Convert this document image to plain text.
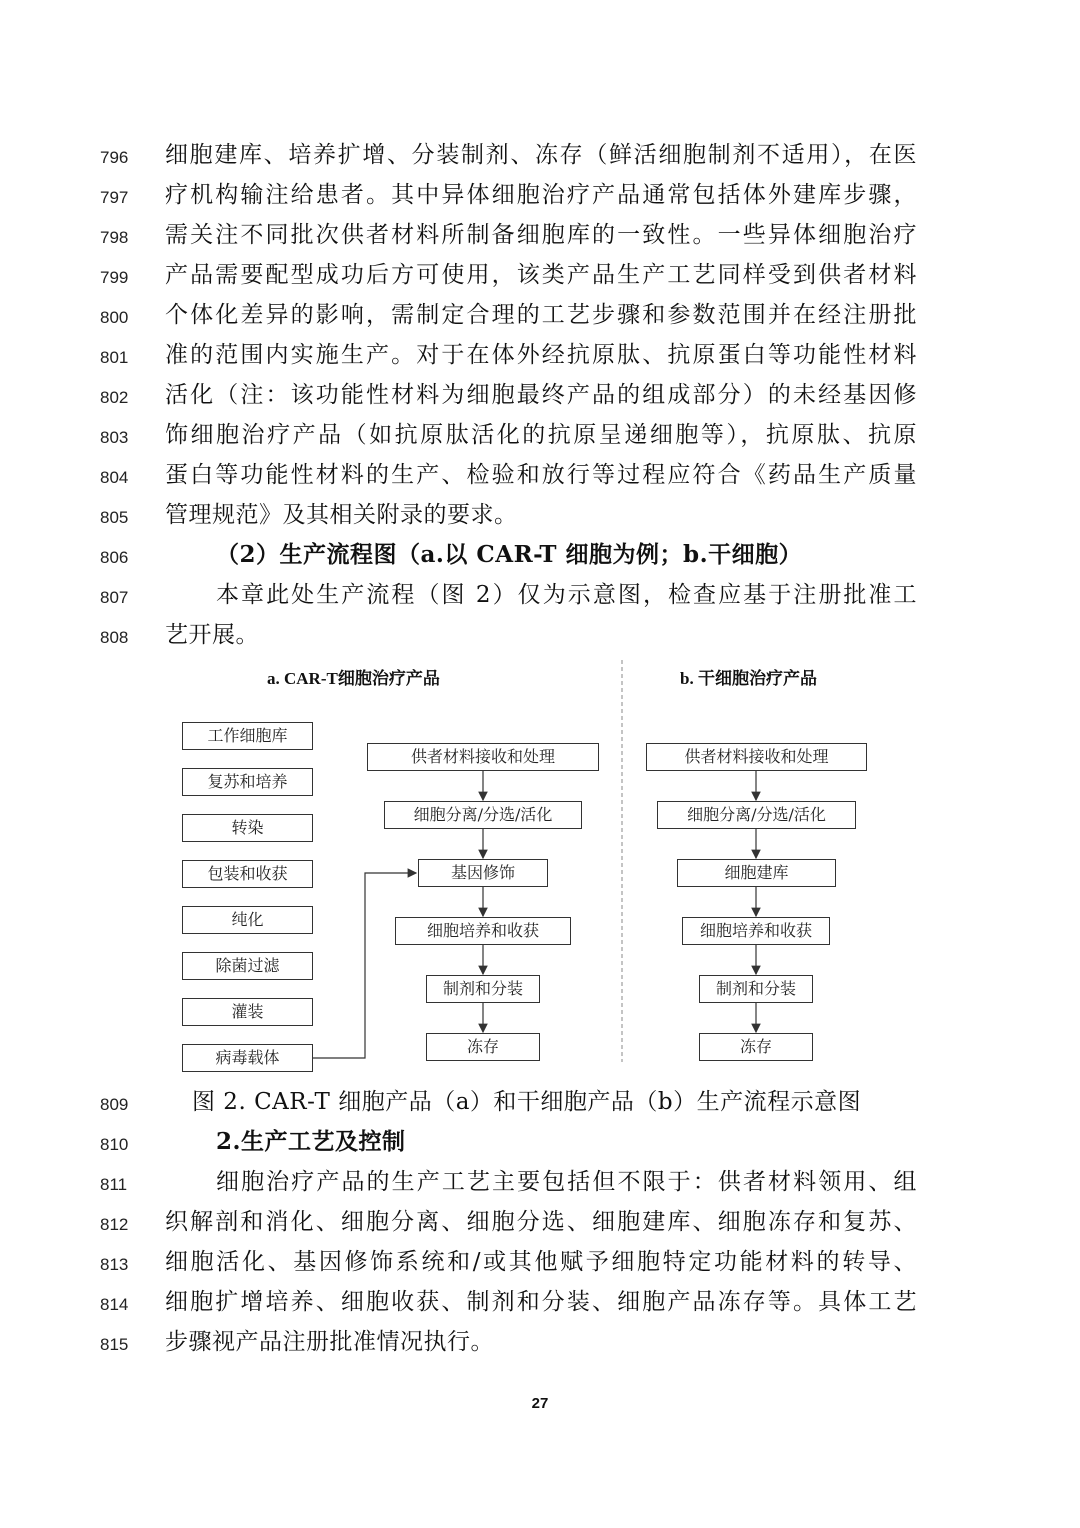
796	细胞建库、培养扩增、分装制剂、冻存（鲜活细胞制剂不适用），在医
797	疗机构输注给患者。其中异体细胞治疗产品通常包括体外建库步骤，
798	需关注不同批次供者材料所制备细胞库的一致性。一些异体细胞治疗
799	产品需要配型成功后方可使用，该类产品生产工艺同样受到供者材料
800	个体化差异的影响，需制定合理的工艺步骤和参数范围并在经注册批
801	准的范围内实施生产。对于在体外经抗原肽、抗原蛋白等功能性材料
802	活化（注：该功能性材料为细胞最终产品的组成部分）的未经基因修
803	饰细胞治疗产品（如抗原肽活化的抗原呈递细胞等），抗原肽、抗原
804	蛋白等功能性材料的生产、检验和放行等过程应符合《药品生产质量
805	管理规范》及其相关附录的要求。
806	（2）生产流程图（a.以 CAR-T 细胞为例；b.干细胞）
807	本章此处生产流程（图 2）仅为示意图，检查应基于注册批准工
808	艺开展。
a. CAR-T细胞治疗产品	b. 干细胞治疗产品
工作细胞库
复苏和培养
转染
包装和收获
纯化
除菌过滤
灌装
病毒载体
供者材料接收和处理
细胞分离/分选/活化
基因修饰
细胞培养和收获
制剂和分装
冻存
供者材料接收和处理
细胞分离/分选/活化
细胞建库
细胞培养和收获
制剂和分装
冻存
809	图 2. CAR-T 细胞产品（a）和干细胞产品（b）生产流程示意图
810	2.生产工艺及控制
811	细胞治疗产品的生产工艺主要包括但不限于：供者材料领用、组
812	织解剖和消化、细胞分离、细胞分选、细胞建库、细胞冻存和复苏、
813	细胞活化、基因修饰系统和/或其他赋予细胞特定功能材料的转导、
814	细胞扩增培养、细胞收获、制剂和分装、细胞产品冻存等。具体工艺
815	步骤视产品注册批准情况执行。
27
